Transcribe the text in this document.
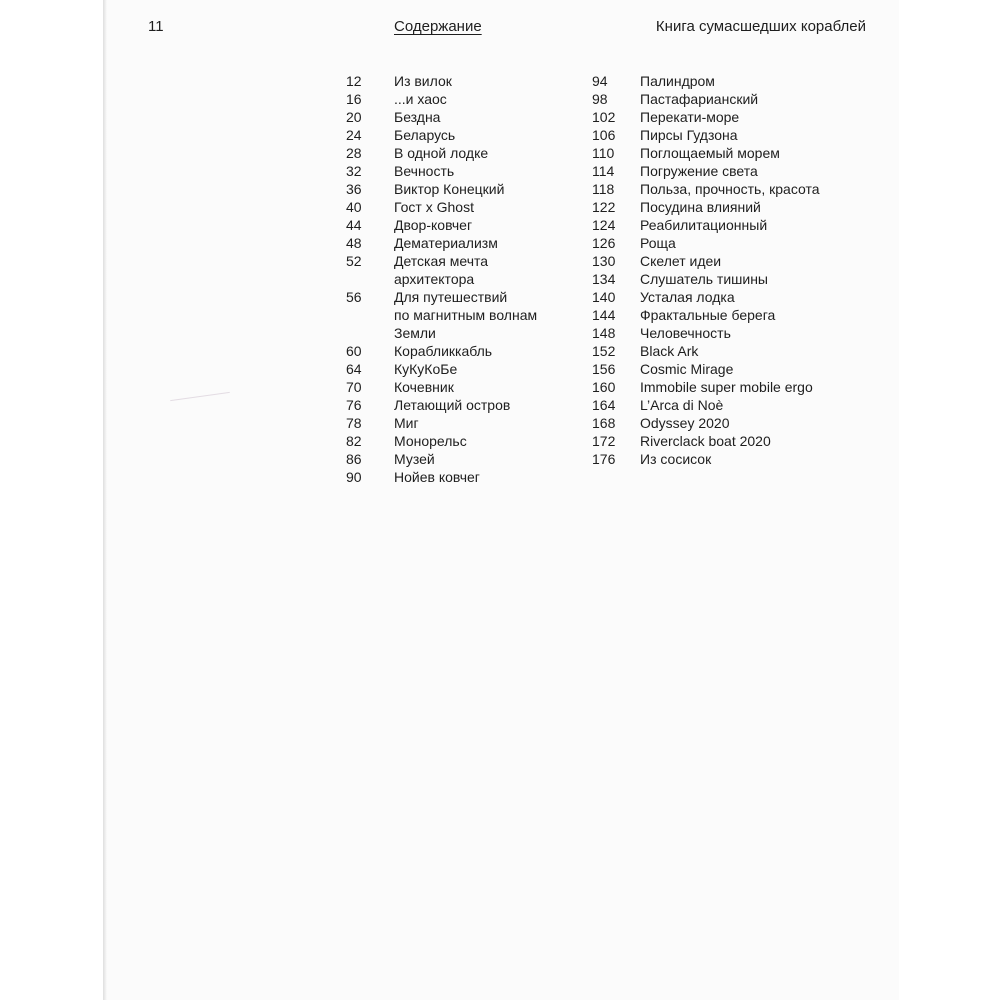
11	Содержание	Книга сумасшедших кораблей
12	Из вилок
16	...и хаос
20	Бездна
24	Беларусь
28	В одной лодке
32	Вечность
36	Виктор Конецкий
40	Гост x Ghost
44	Двор-ковчег
48	Дематериализм
52	Детская мечта
архитектора
56	Для путешествий
по магнитным волнам
Земли
60	Корабликкабль
64	КуКуКоБе
70	Кочевник
76	Летающий остров
78	Миг
82	Монорельс
86	Музей
90	Нойев ковчег
94	Палиндром
98	Пастафарианский
102	Перекати-море
106	Пирсы Гудзона
110	Поглощаемый морем
114	Погружение света
118	Польза, прочность, красота
122	Посудина влияний
124	Реабилитационный
126	Роща
130	Скелет идеи
134	Слушатель тишины
140	Усталая лодка
144	Фрактальные берега
148	Человечность
152	Black Ark
156	Cosmic Mirage
160	Immobile super mobile ergo
164	L’Arca di Noè
168	Odyssey 2020
172	Riverclack boat 2020
176	Из сосисок
